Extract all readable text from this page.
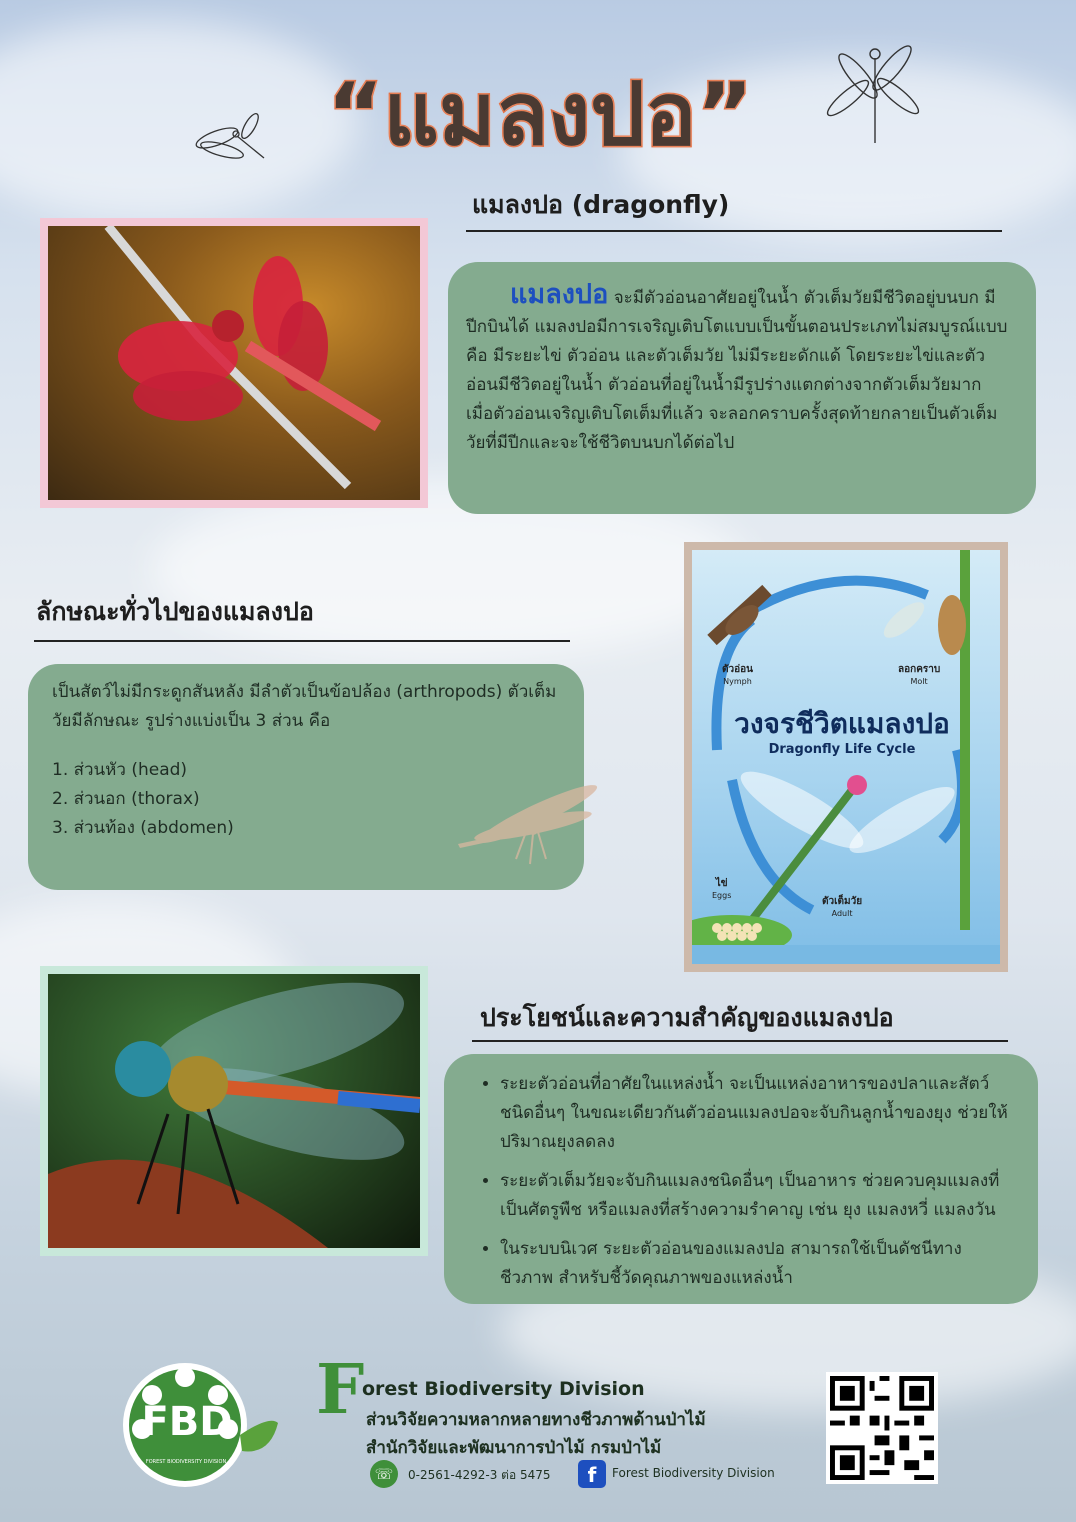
“แมลงปอ”
แมลงปอ (dragonfly)
แมลงปอ จะมีตัวอ่อนอาศัยอยู่ในน้ำ ตัวเต็มวัยมีชีวิตอยู่บนบก มีปีกบินได้ แมลงปอมีการเจริญเติบโตแบบเป็นขั้นตอนประเภทไม่สมบูรณ์แบบ คือ มีระยะไข่ ตัวอ่อน และตัวเต็มวัย ไม่มีระยะดักแด้ โดยระยะไข่และตัวอ่อนมีชีวิตอยู่ในน้ำ ตัวอ่อนที่อยู่ในน้ำมีรูปร่างแตกต่างจากตัวเต็มวัยมาก เมื่อตัวอ่อนเจริญเติบโตเต็มที่แล้ว จะลอกคราบครั้งสุดท้ายกลายเป็นตัวเต็มวัยที่มีปีกและจะใช้ชีวิตบนบกได้ต่อไป
ลักษณะทั่วไปของแมลงปอ
เป็นสัตว์ไม่มีกระดูกสันหลัง มีลำตัวเป็นข้อปล้อง (arthropods) ตัวเต็มวัยมีลักษณะ รูปร่างแบ่งเป็น 3 ส่วน คือ
1. ส่วนหัว (head)
2. ส่วนอก (thorax)
3. ส่วนท้อง (abdomen)
ตัวอ่อน
Nymph
ลอกคราบ
Molt
วงจรชีวิตแมลงปอ
Dragonfly Life Cycle
ไข่
Eggs
ตัวเต็มวัย
Adult
ประโยชน์และความสำคัญของแมลงปอ
• ระยะตัวอ่อนที่อาศัยในแหล่งน้ำ จะเป็นแหล่งอาหารของปลาและสัตว์ชนิดอื่นๆ ในขณะเดียวกันตัวอ่อนแมลงปอจะจับกินลูกน้ำของยุง ช่วยให้ปริมาณยุงลดลง
• ระยะตัวเต็มวัยจะจับกินแมลงชนิดอื่นๆ เป็นอาหาร ช่วยควบคุมแมลงที่เป็นศัตรูพืช หรือแมลงที่สร้างความรำคาญ เช่น ยุง แมลงหวี่ แมลงวัน
• ในระบบนิเวศ ระยะตัวอ่อนของแมลงปอ สามารถใช้เป็นดัชนีทางชีวภาพ สำหรับชี้วัดคุณภาพของแหล่งน้ำ
FBD
FOREST BIODIVERSITY DIVISION
F
orest Biodiversity Division
ส่วนวิจัยความหลากหลายทางชีวภาพด้านป่าไม้
สำนักวิจัยและพัฒนาการป่าไม้ กรมป่าไม้
☏	0-2561-4292-3 ต่อ 5475	f	Forest Biodiversity Division
